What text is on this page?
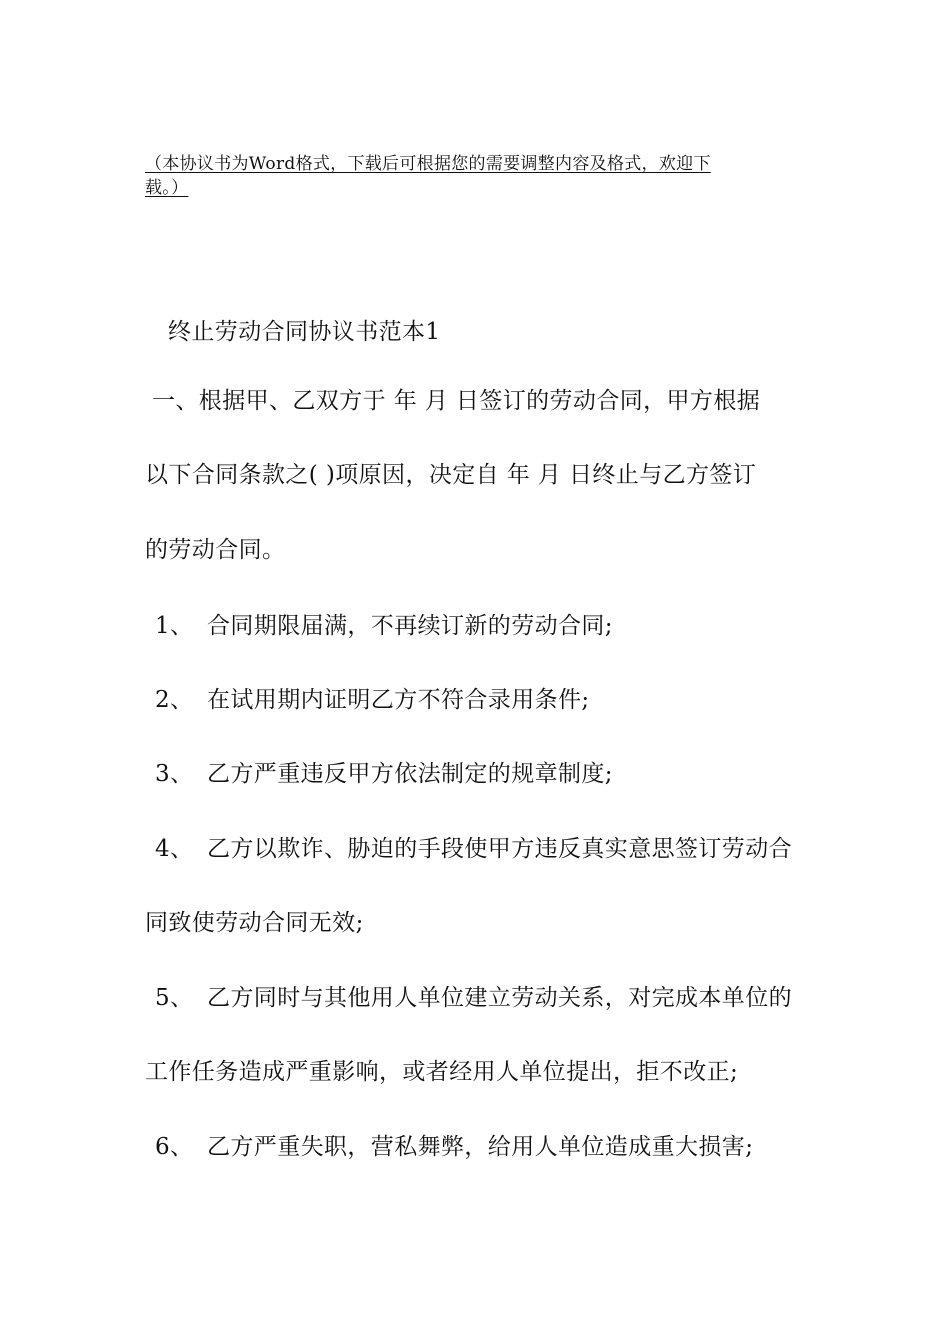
（本协议书为Word格式，下载后可根据您的需要调整内容及格式，欢迎下
载。）
终止劳动合同协议书范本1
一、根据甲、乙双方于 年 月 日签订的劳动合同，甲方根据
以下合同条款之( )项原因，决定自 年 月 日终止与乙方签订
的劳动合同。
1、 合同期限届满，不再续订新的劳动合同;
2、 在试用期内证明乙方不符合录用条件;
3、 乙方严重违反甲方依法制定的规章制度;
4、 乙方以欺诈、胁迫的手段使甲方违反真实意思签订劳动合
同致使劳动合同无效;
5、 乙方同时与其他用人单位建立劳动关系，对完成本单位的
工作任务造成严重影响，或者经用人单位提出，拒不改正;
6、 乙方严重失职，营私舞弊，给用人单位造成重大损害;
